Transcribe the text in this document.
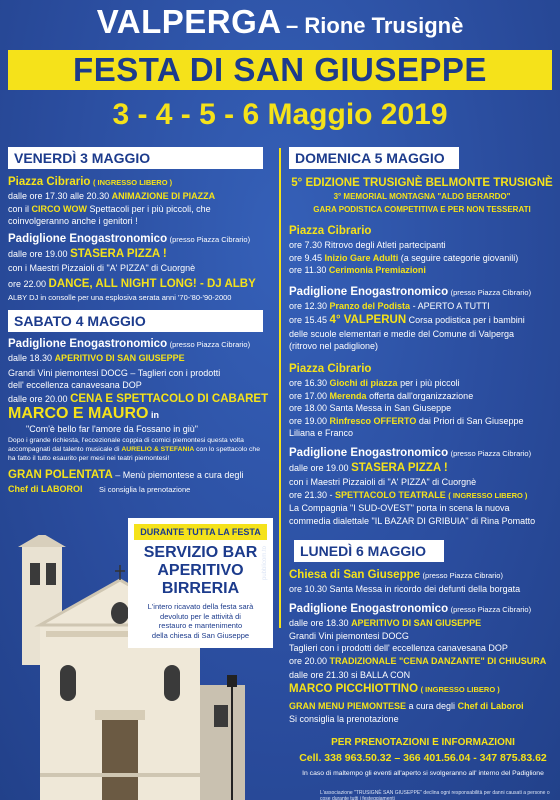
VALPERGA – Rione Trusignè
FESTA DI SAN GIUSEPPE
3 - 4 - 5 - 6 Maggio 2019
VENERDÌ 3 MAGGIO
Piazza Cibrario ( INGRESSO LIBERO )
dalle ore 17.30 alle 20.30 ANIMAZIONE DI PIAZZA
con il CIRCO WOW Spettacoli per i più piccoli, che
coinvolgeranno anche i genitori !
Padiglione Enogastronomico (presso Piazza Cibrario)
dalle ore 19.00 STASERA PIZZA !
con i Maestri Pizzaioli di "A' PIZZA" di Cuorgnè
ore 22.00 DANCE, ALL NIGHT LONG! - DJ ALBY
ALBY DJ in consolle per una esplosiva serata anni '70-'80-'90-2000
SABATO 4 MAGGIO
Padiglione Enogastronomico (presso Piazza Cibrario)
dalle 18.30 APERITIVO DI SAN GIUSEPPE
Grandi Vini piemontesi DOCG – Taglieri con i prodotti
dell' eccellenza canavesana DOP
dalle ore 20.00 CENA E SPETTACOLO DI CABARET
MARCO E MAURO in
"Com'è bello far l'amore da Fossano in giù"
Dopo i grande richiesta, l'eccezionale coppia di comici piemontesi questa volta
accompagnati dal talento musicale di AURELIO & STEFANIA con lo spettacolo che
ha fatto il tutto esaurito per mesi nei teatri piemontesi!
GRAN POLENTATA – Menù piemontese a cura degli
Chef di LABOROI Si consiglia la prenotazione
DURANTE TUTTA LA FESTA
SERVIZIO BAR
APERITIVO
BIRRERIA
L'intero ricavato della festa sarà
devoluto per le attività di
restauro e mantenimento
della chiesa di San Giuseppe
pubblicom.to
DOMENICA 5 MAGGIO
5° EDIZIONE TRUSIGNÈ BELMONTE TRUSIGNÈ
3° MEMORIAL MONTAGNA "ALDO BERARDO"
GARA PODISTICA COMPETITIVA E PER NON TESSERATI
Piazza Cibrario
ore 7.30 Ritrovo degli Atleti partecipanti
ore 9.45 Inizio Gare Adulti (a seguire categorie giovanili)
ore 11.30 Cerimonia Premiazioni
Padiglione Enogastronomico (presso Piazza Cibrario)
ore 12.30 Pranzo del Podista - APERTO A TUTTI
ore 15.45 4° VALPERUN Corsa podistica per i bambini
delle scuole elementari e medie del Comune di Valperga
(ritrovo nel padiglione)
Piazza Cibrario
ore 16.30 Giochi di piazza per i più piccoli
ore 17.00 Merenda offerta dall'organizzazione
ore 18.00 Santa Messa in San Giuseppe
ore 19.00 Rinfresco OFFERTO dai Priori di San Giuseppe
Liliana e Franco
Padiglione Enogastronomico (presso Piazza Cibrario)
dalle ore 19.00 STASERA PIZZA !
con i Maestri Pizzaioli di "A' PIZZA" di Cuorgnè
ore 21.30 - SPETTACOLO TEATRALE ( INGRESSO LIBERO )
La Compagnia "I SUD-OVEST" porta in scena la nuova
commedia dialettale "IL BAZAR DI GRIBUIA" di Rina Pomatto
LUNEDÌ 6 MAGGIO
Chiesa di San Giuseppe (presso Piazza Cibrario)
ore 10.30 Santa Messa in ricordo dei defunti della borgata
Padiglione Enogastronomico (presso Piazza Cibrario)
dalle ore 18.30 APERITIVO DI SAN GIUSEPPE
Grandi Vini piemontesi DOCG
Taglieri con i prodotti dell' eccellenza canavesana DOP
ore 20.00 TRADIZIONALE "CENA DANZANTE" DI CHIUSURA
dalle ore 21.30 si BALLA CON
MARCO PICCHIOTTINO ( INGRESSO LIBERO )
GRAN MENU PIEMONTESE a cura degli Chef di Laboroi
Si consiglia la prenotazione
PER PRENOTAZIONI E INFORMAZIONI
Cell. 338 963.50.32 – 366 401.56.04 - 347 875.83.62
In caso di maltempo gli eventi all'aperto si svolgeranno all' interno del Padiglione
L'associazione "TRUSIGNÈ SAN GIUSEPPE" declina ogni responsabilità per danni causati a persone o cose durante tutti i festeggiamenti
